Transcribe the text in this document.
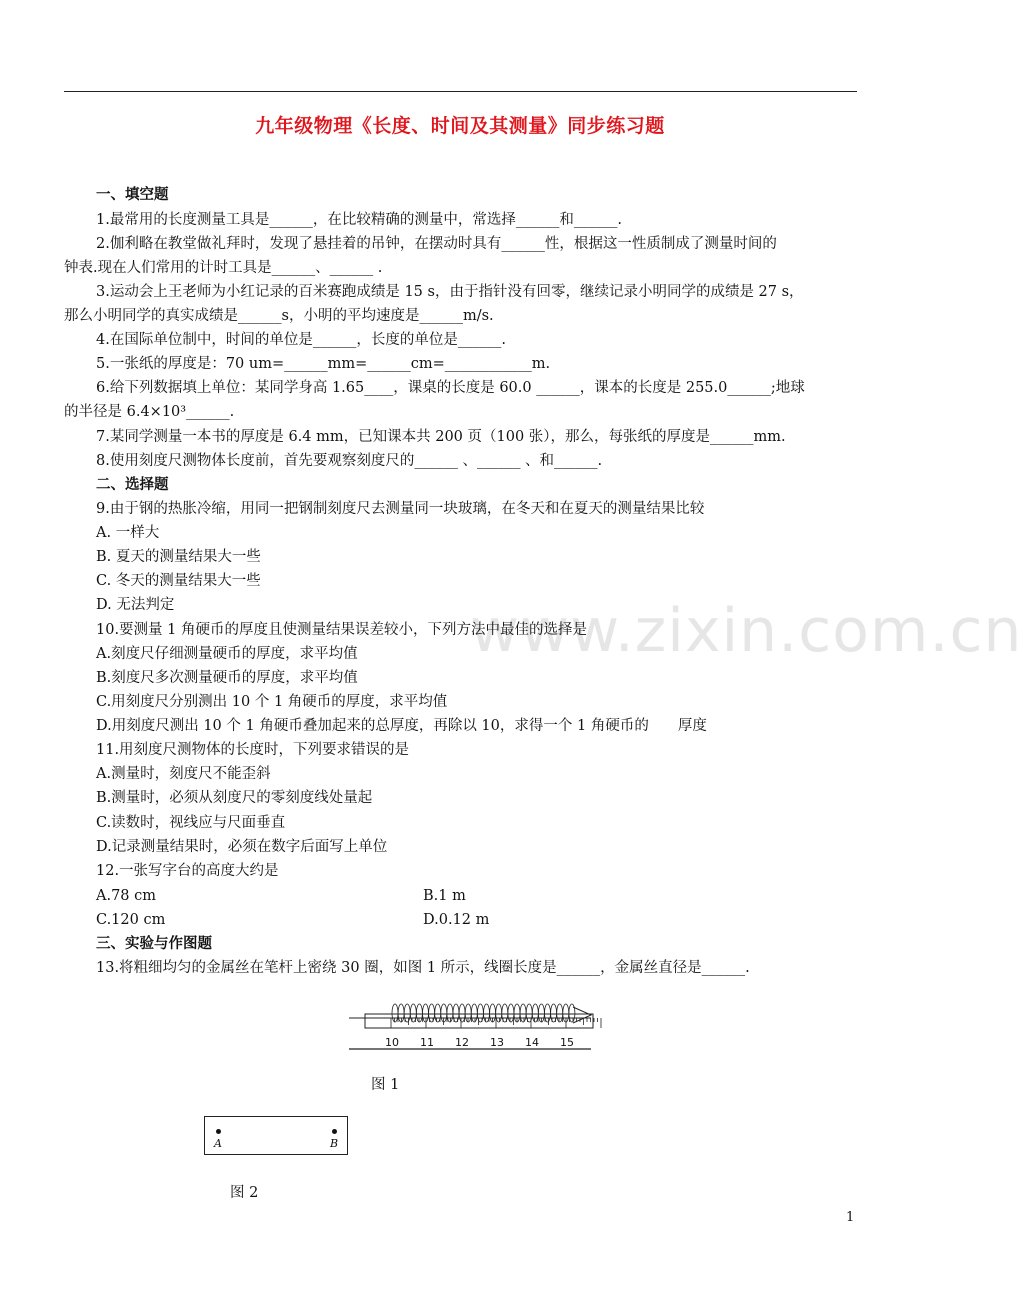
九年级物理《长度、时间及其测量》同步练习题
www.zixin.com.cn
一、填空题
1.最常用的长度测量工具是______，在比较精确的测量中，常选择______和______.
2.伽利略在教堂做礼拜时，发现了悬挂着的吊钟，在摆动时具有______性，根据这一性质制成了测量时间的
钟表.现在人们常用的计时工具是______、______ .
3.运动会上王老师为小红记录的百米赛跑成绩是 15 s，由于指针没有回零，继续记录小明同学的成绩是 27 s，
那么小明同学的真实成绩是______s，小明的平均速度是______m/s.
4.在国际单位制中，时间的单位是______，长度的单位是______.
5.一张纸的厚度是：70 um=______mm=______cm=____________m.
6.给下列数据填上单位：某同学身高 1.65____，课桌的长度是 60.0 ______，课本的长度是 255.0______;地球
的半径是 6.4×10³______.
7.某同学测量一本书的厚度是 6.4 mm，已知课本共 200 页（100 张），那么，每张纸的厚度是______mm.
8.使用刻度尺测物体长度前，首先要观察刻度尺的______ 、______ 、和______.
二、选择题
9.由于钢的热胀冷缩，用同一把钢制刻度尺去测量同一块玻璃，在冬天和在夏天的测量结果比较
A. 一样大
B. 夏天的测量结果大一些
C. 冬天的测量结果大一些
D. 无法判定
10.要测量 1 角硬币的厚度且使测量结果误差较小，下列方法中最佳的选择是
A.刻度尺仔细测量硬币的厚度，求平均值
B.刻度尺多次测量硬币的厚度，求平均值
C.用刻度尺分别测出 10 个 1 角硬币的厚度，求平均值
D.用刻度尺测出 10 个 1 角硬币叠加起来的总厚度，再除以 10，求得一个 1 角硬币的　　厚度
11.用刻度尺测物体的长度时，下列要求错误的是
A.测量时，刻度尺不能歪斜
B.测量时，必须从刻度尺的零刻度线处量起
C.读数时，视线应与尺面垂直
D.记录测量结果时，必须在数字后面写上单位
12.一张写字台的高度大约是
A.78 cm	B.1 m
C.120 cm	D.0.12 m
三、实验与作图题
13.将粗细均匀的金属丝在笔杆上密绕 30 圈，如图 1 所示，线圈长度是______，金属丝直径是______.
10 11 12 13 14 15
图 1
A	B
图 2
1
